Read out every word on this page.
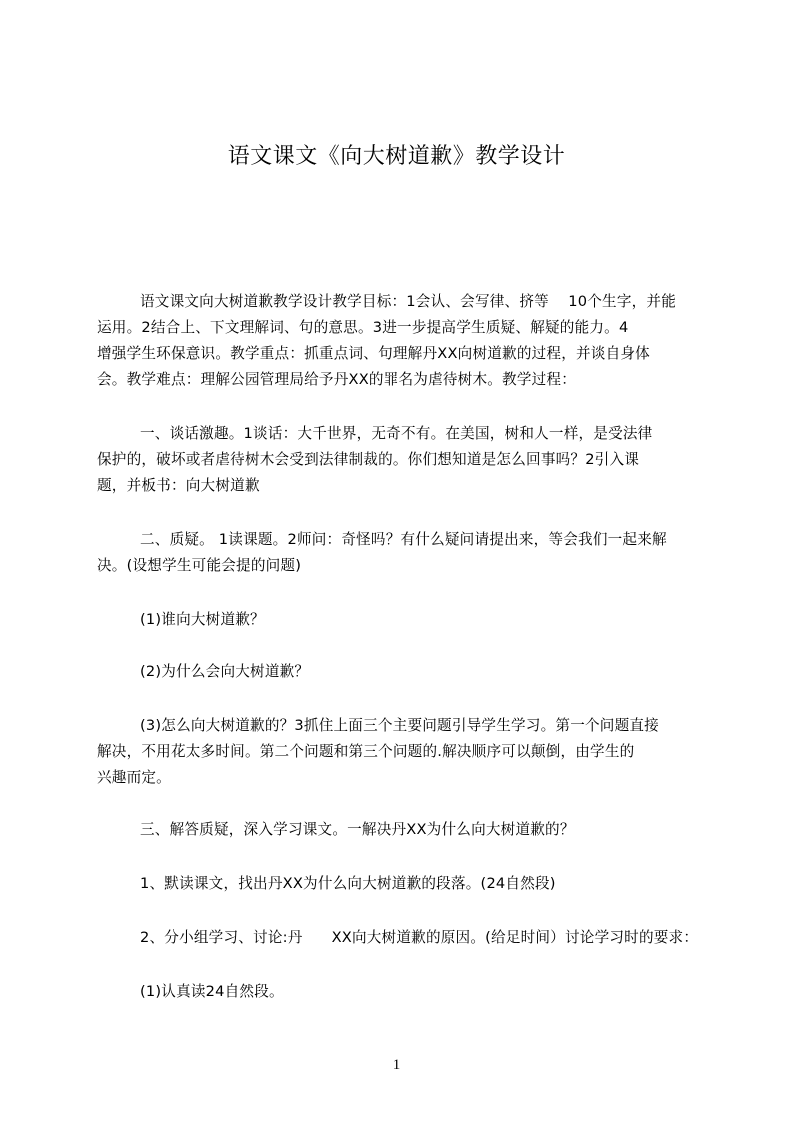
语文课文《向大树道歉》教学设计
语文课文向大树道歉教学设计教学目标：1会认、会写律、挤等    10个生字，并能
运用。2结合上、下文理解词、句的意思。3进一步提高学生质疑、解疑的能力。4
增强学生环保意识。教学重点：抓重点词、句理解丹XX向树道歉的过程，并谈自身体
会。教学难点：理解公园管理局给予丹XX的罪名为虐待树木。教学过程：
一、谈话激趣。1谈话：大千世界，无奇不有。在美国，树和人一样，是受法律
保护的，破坏或者虐待树木会受到法律制裁的。你们想知道是怎么回事吗？2引入课
题，并板书：向大树道歉
二、质疑。 1读课题。2师问：奇怪吗？有什么疑问请提出来，等会我们一起来解
决。(设想学生可能会提的问题)
(1)谁向大树道歉？
(2)为什么会向大树道歉？
(3)怎么向大树道歉的？3抓住上面三个主要问题引导学生学习。第一个问题直接
解决，不用花太多时间。第二个问题和第三个问题的.解决顺序可以颠倒，由学生的
兴趣而定。
三、解答质疑，深入学习课文。一解决丹XX为什么向大树道歉的？
1、默读课文，找出丹XX为什么向大树道歉的段落。(24自然段)
2、分小组学习、讨论:丹      XX向大树道歉的原因。(给足时间）讨论学习时的要求：
(1)认真读24自然段。
1
